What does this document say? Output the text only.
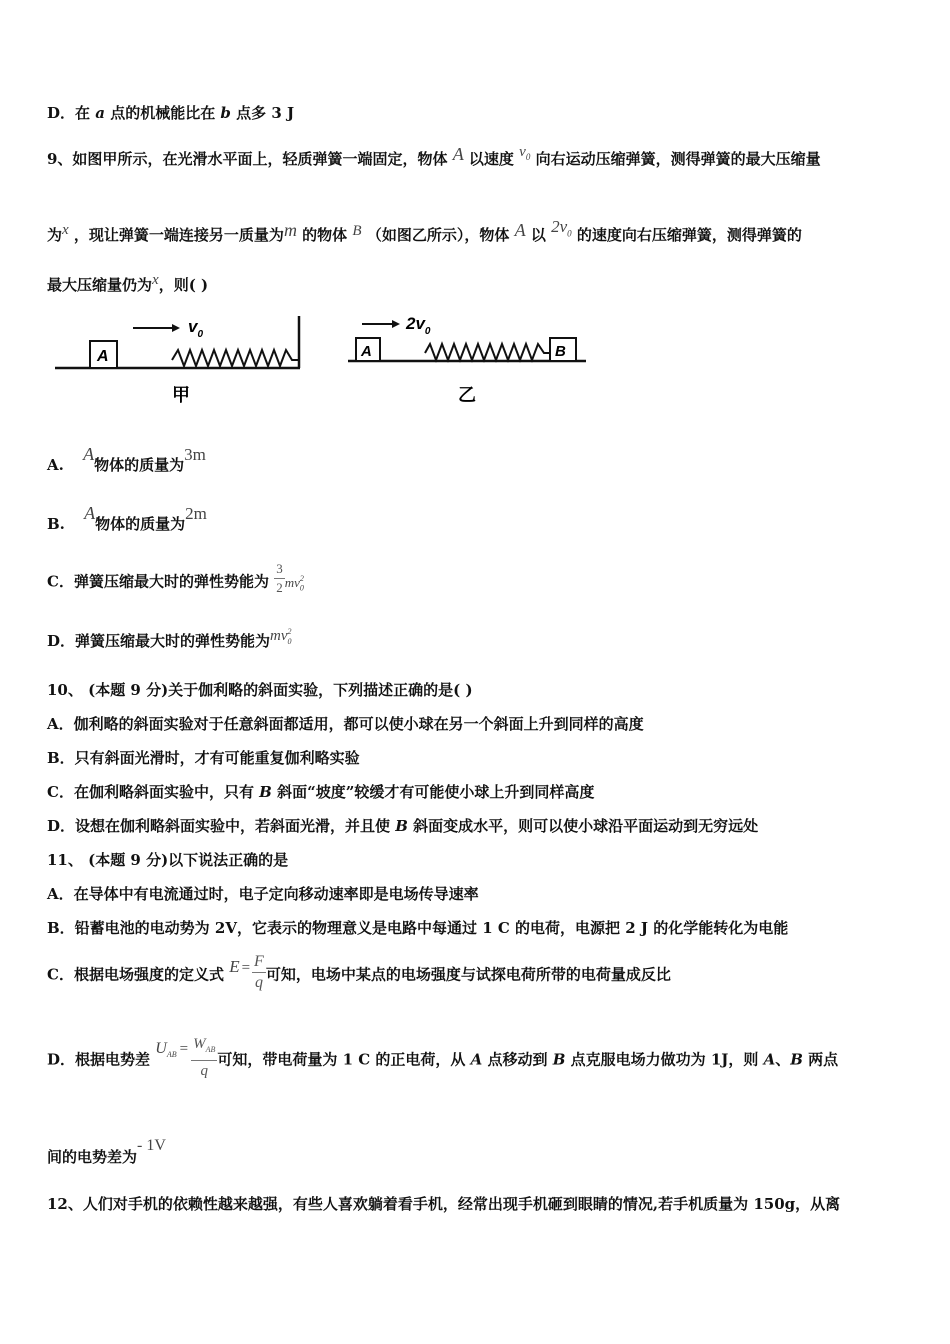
D．在 a 点的机械能比在 b 点多 3 J
9、如图甲所示，在光滑水平面上，轻质弹簧一端固定，物体 A 以速度 $v_0$ 向右运动压缩弹簧，测得弹簧的最大压缩量
为x ，现让弹簧一端连接另一质量为m 的物体 B （如图乙所示），物体 A 以 $2v_0$ 的速度向右压缩弹簧，测得弹簧的
最大压缩量仍为x，则( )
A
$v_0$
甲
A
$2v_0$
B
乙
A. A物体的质量为3m
B. A物体的质量为2m
C．弹簧压缩最大时的弹性势能为 $\frac{3}{2} mv_0^2$
D．弹簧压缩最大时的弹性势能为$mv_0^2$
10、 (本题 9 分)关于伽利略的斜面实验，下列描述正确的是( )
A．伽利略的斜面实验对于任意斜面都适用，都可以使小球在另一个斜面上升到同样的高度
B．只有斜面光滑时，才有可能重复伽利略实验
C．在伽利略斜面实验中，只有 B 斜面“坡度”较缓才有可能使小球上升到同样高度
D．设想在伽利略斜面实验中，若斜面光滑，并且使 B 斜面变成水平，则可以使小球沿平面运动到无穷远处
11、 (本题 9 分)以下说法正确的是
A．在导体中有电流通过时，电子定向移动速率即是电场传导速率
B．铅蓄电池的电动势为 2V，它表示的物理意义是电路中每通过 1 C 的电荷，电源把 2 J 的化学能转化为电能
C．根据电场强度的定义式 $E = \frac{F}{q}$ 可知，电场中某点的电场强度与试探电荷所带的电荷量成反比
D．根据电势差 $U_{AB} = \frac{W_{AB}}{q}$ 可知，带电荷量为 1 C 的正电荷，从 A 点移动到 B 点克服电场力做功为 1J，则 A、B 两点
间的电势差为- 1V
12、人们对手机的依赖性越来越强，有些人喜欢躺着看手机，经常出现手机砸到眼睛的情况,若手机质量为 150g，从离
